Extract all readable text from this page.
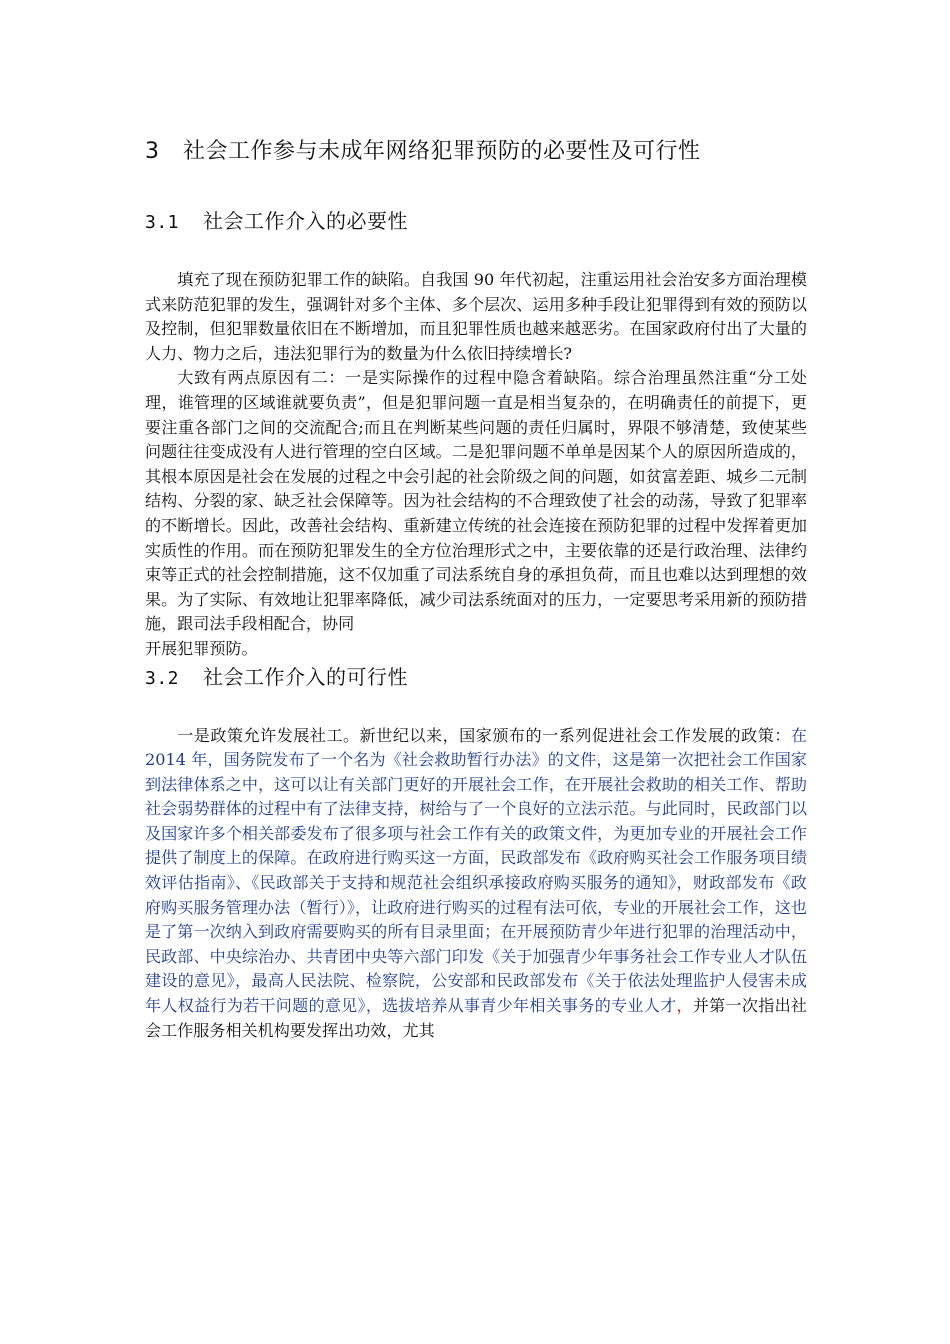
3 社会工作参与未成年网络犯罪预防的必要性及可行性
3.1 社会工作介入的必要性

填充了现在预防犯罪工作的缺陷。自我国 90 年代初起，注重运用社会治安多方面治理模式来防范犯罪的发生，强调针对多个主体、多个层次、运用多种手段让犯罪得到有效的预防以及控制，但犯罪数量依旧在不断增加，而且犯罪性质也越来越恶劣。在国家政府付出了大量的人力、物力之后，违法犯罪行为的数量为什么依旧持续增长?

大致有两点原因有二：一是实际操作的过程中隐含着缺陷。综合治理虽然注重“分工处理，谁管理的区域谁就要负责”，但是犯罪问题一直是相当复杂的，在明确责任的前提下，更要注重各部门之间的交流配合;而且在判断某些问题的责任归属时，界限不够清楚，致使某些问题往往变成没有人进行管理的空白区域。二是犯罪问题不单单是因某个人的原因所造成的，其根本原因是社会在发展的过程之中会引起的社会阶级之间的问题，如贫富差距、城乡二元制结构、分裂的家、缺乏社会保障等。因为社会结构的不合理致使了社会的动荡，导致了犯罪率的不断增长。因此，改善社会结构、重新建立传统的社会连接在预防犯罪的过程中发挥着更加实质性的作用。而在预防犯罪发生的全方位治理形式之中，主要依靠的还是行政治理、法律约束等正式的社会控制措施，这不仅加重了司法系统自身的承担负荷，而且也难以达到理想的效果。为了实际、有效地让犯罪率降低，减少司法系统面对的压力，一定要思考采用新的预防措施，跟司法手段相配合，协同

开展犯罪预防。

3.2 社会工作介入的可行性

一是政策允许发展社工。新世纪以来，国家颁布的一系列促进社会工作发展的政策：在 2014 年，国务院发布了一个名为《社会救助暂行办法》的文件，这是第一次把社会工作国家到法律体系之中，这可以让有关部门更好的开展社会工作，在开展社会救助的相关工作、帮助社会弱势群体的过程中有了法律支持，树给与了一个良好的立法示范。与此同时，民政部门以及国家许多个相关部委发布了很多项与社会工作有关的政策文件，为更加专业的开展社会工作提供了制度上的保障。在政府进行购买这一方面，民政部发布《政府购买社会工作服务项目绩效评估指南》、《民政部关于支持和规范社会组织承接政府购买服务的通知》，财政部发布《政府购买服务管理办法（暂行）》，让政府进行购买的过程有法可依，专业的开展社会工作，这也是了第一次纳入到政府需要购买的所有目录里面；在开展预防青少年进行犯罪的治理活动中，民政部、中央综治办、共青团中央等六部门印发《关于加强青少年事务社会工作专业人才队伍建设的意见》，最高人民法院、检察院，公安部和民政部发布《关于依法处理监护人侵害未成年人权益行为若干问题的意见》，选拔培养从事青少年相关事务的专业人才，并第一次指出社会工作服务相关机构要发挥出功效，尤其
